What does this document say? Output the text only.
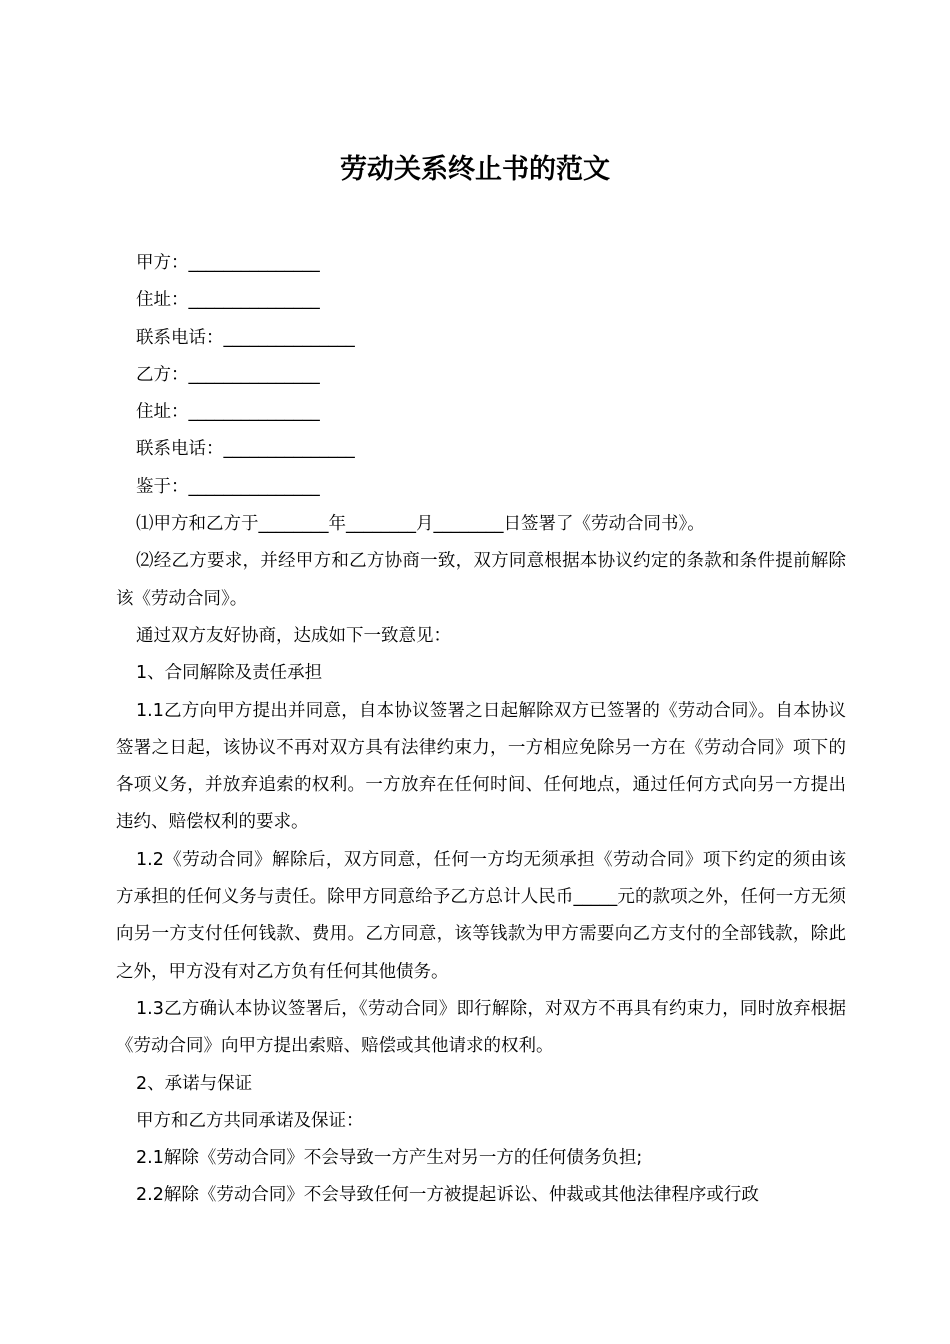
劳动关系终止书的范文

甲方：_______________

住址：_______________

联系电话：_______________

乙方：_______________

住址：_______________

联系电话：_______________

鉴于：_______________

⑴甲方和乙方于________年________月________日签署了《劳动合同书》。

⑵经乙方要求，并经甲方和乙方协商一致，双方同意根据本协议约定的条款和条件提前解除该《劳动合同》。

通过双方友好协商，达成如下一致意见：

1、合同解除及责任承担

1.1乙方向甲方提出并同意，自本协议签署之日起解除双方已签署的《劳动合同》。自本协议签署之日起，该协议不再对双方具有法律约束力，一方相应免除另一方在《劳动合同》项下的各项义务，并放弃追索的权利。一方放弃在任何时间、任何地点，通过任何方式向另一方提出违约、赔偿权利的要求。

1.2《劳动合同》解除后，双方同意，任何一方均无须承担《劳动合同》项下约定的须由该方承担的任何义务与责任。除甲方同意给予乙方总计人民币_____元的款项之外，任何一方无须向另一方支付任何钱款、费用。乙方同意，该等钱款为甲方需要向乙方支付的全部钱款，除此之外，甲方没有对乙方负有任何其他债务。

1.3乙方确认本协议签署后，《劳动合同》即行解除，对双方不再具有约束力，同时放弃根据《劳动合同》向甲方提出索赔、赔偿或其他请求的权利。

2、承诺与保证

甲方和乙方共同承诺及保证：

2.1解除《劳动合同》不会导致一方产生对另一方的任何债务负担;

2.2解除《劳动合同》不会导致任何一方被提起诉讼、仲裁或其他法律程序或行政
